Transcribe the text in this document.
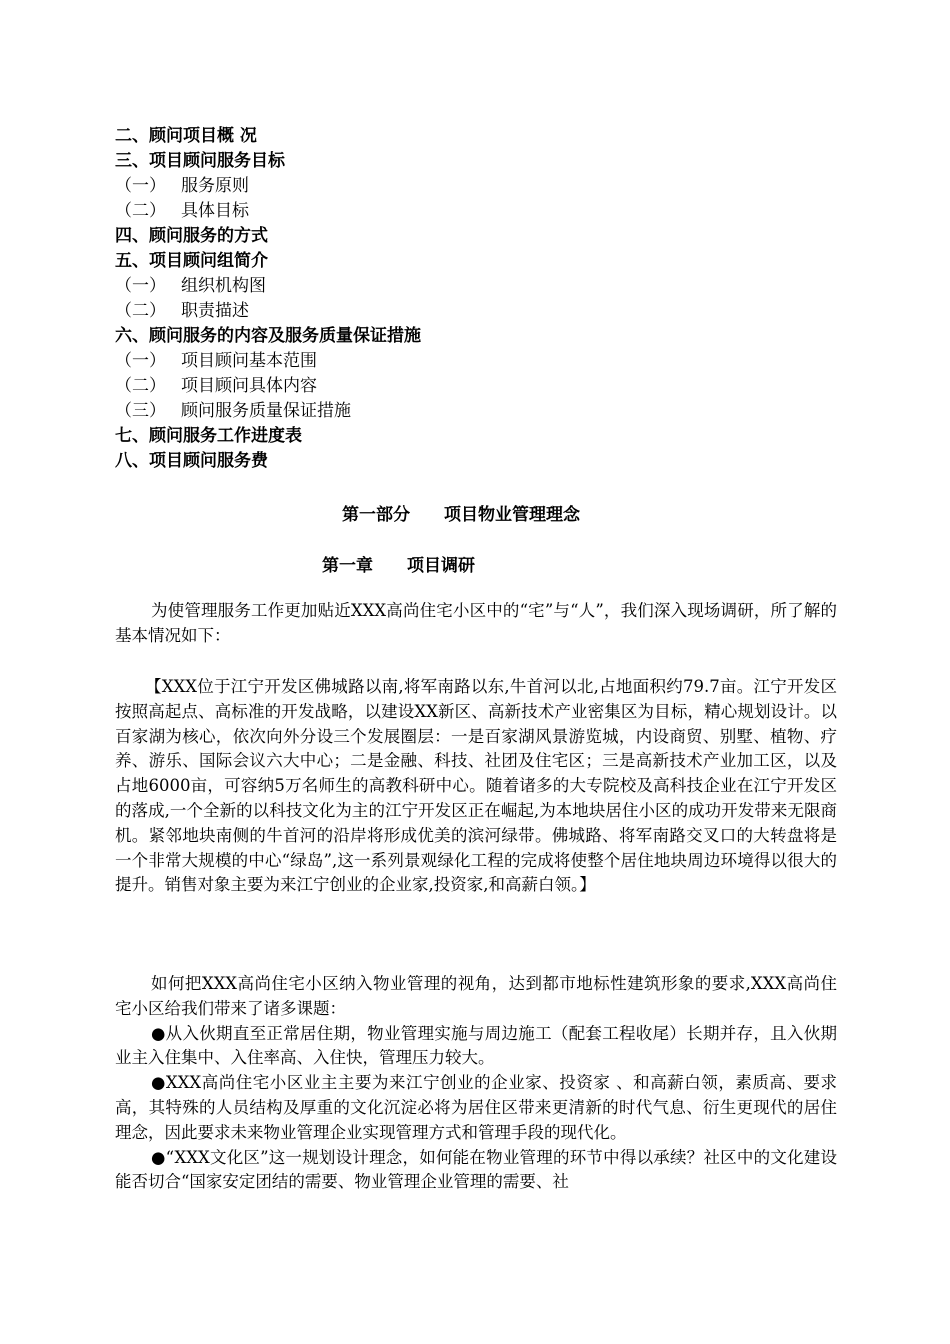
二、顾问项目概 况
三、项目顾问服务目标
（一） 服务原则
（二） 具体目标
四、顾问服务的方式
五、项目顾问组简介
（一） 组织机构图
（二） 职责描述
六、顾问服务的内容及服务质量保证措施
（一） 项目顾问基本范围
（二） 项目顾问具体内容
（三） 顾问服务质量保证措施
七、顾问服务工作进度表
八、项目顾问服务费
第一部分　　项目物业管理理念
第一章　　项目调研

为使管理服务工作更加贴近XXX高尚住宅小区中的“宅”与“人”，我们深入现场调研，所了解的基本情况如下：

【XXX位于江宁开发区佛城路以南,将军南路以东,牛首河以北,占地面积约79.7亩。江宁开发区按照高起点、高标准的开发战略，以建设XX新区、高新技术产业密集区为目标，精心规划设计。以百家湖为核心，依次向外分设三个发展圈层：一是百家湖风景游览城，内设商贸、别墅、植物、疗养、游乐、国际会议六大中心；二是金融、科技、社团及住宅区；三是高新技术产业加工区，以及占地6000亩，可容纳5万名师生的高教科研中心。随着诸多的大专院校及高科技企业在江宁开发区的落成,一个全新的以科技文化为主的江宁开发区正在崛起,为本地块居住小区的成功开发带来无限商机。紧邻地块南侧的牛首河的沿岸将形成优美的滨河绿带。佛城路、将军南路交叉口的大转盘将是一个非常大规模的中心“绿岛”,这一系列景观绿化工程的完成将使整个居住地块周边环境得以很大的提升。销售对象主要为来江宁创业的企业家,投资家,和高薪白领。】

如何把XXX高尚住宅小区纳入物业管理的视角，达到都市地标性建筑形象的要求,XXX高尚住宅小区给我们带来了诸多课题：

●从入伙期直至正常居住期，物业管理实施与周边施工（配套工程收尾）长期并存，且入伙期业主入住集中、入住率高、入住快，管理压力较大。

●XXX高尚住宅小区业主主要为来江宁创业的企业家、投资家 、和高薪白领，素质高、要求高，其特殊的人员结构及厚重的文化沉淀必将为居住区带来更清新的时代气息、衍生更现代的居住理念，因此要求未来物业管理企业实现管理方式和管理手段的现代化。

●“XXX文化区”这一规划设计理念，如何能在物业管理的环节中得以承续？社区中的文化建设能否切合“国家安定团结的需要、物业管理企业管理的需要、社
